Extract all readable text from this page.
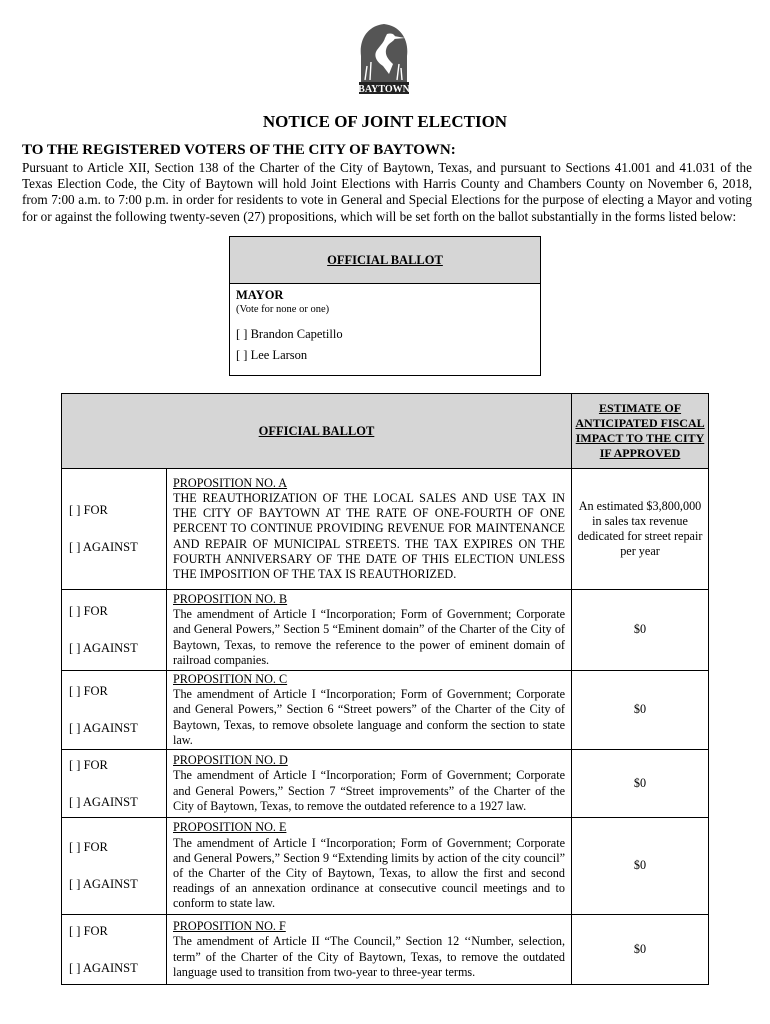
BAYTOWN
NOTICE OF JOINT ELECTION
TO THE REGISTERED VOTERS OF THE CITY OF BAYTOWN:
Pursuant to Article XII, Section 138 of the Charter of the City of Baytown, Texas, and pursuant to Sections 41.001 and 41.031 of the Texas Election Code, the City of Baytown will hold Joint Elections with Harris County and Chambers County on November 6, 2018, from 7:00 a.m. to 7:00 p.m. in order for residents to vote in General and Special Elections for the purpose of electing a Mayor and voting for or against the following twenty-seven (27) propositions, which will be set forth on the ballot substantially in the forms listed below:
OFFICIAL BALLOT
MAYOR
(Vote for none or one)
[ ] Brandon Capetillo
[ ] Lee Larson
OFFICIAL BALLOT		ESTIMATE OF ANTICIPATED FISCAL IMPACT TO THE CITY IF APPROVED

[ ] FOR
[ ] AGAINST	PROPOSITION NO. A
THE REAUTHORIZATION OF THE LOCAL SALES AND USE TAX IN THE CITY OF BAYTOWN AT THE RATE OF ONE-FOURTH OF ONE PERCENT TO CONTINUE PROVIDING REVENUE FOR MAINTENANCE AND REPAIR OF MUNICIPAL STREETS. THE TAX EXPIRES ON THE FOURTH ANNIVERSARY OF THE DATE OF THIS ELECTION UNLESS THE IMPOSITION OF THE TAX IS REAUTHORIZED.	An estimated $3,800,000 in sales tax revenue dedicated for street repair per year

[ ] FOR
[ ] AGAINST	PROPOSITION NO. B
The amendment of Article I “Incorporation; Form of Government; Corporate and General Powers,” Section 5 “Eminent domain” of the Charter of the City of Baytown, Texas, to remove the reference to the power of eminent domain of railroad companies.	$0

[ ] FOR
[ ] AGAINST	PROPOSITION NO. C
The amendment of Article I “Incorporation; Form of Government; Corporate and General Powers,” Section 6 “Street powers” of the Charter of the City of Baytown, Texas, to remove obsolete language and conform the section to state law.	$0

[ ] FOR
[ ] AGAINST	PROPOSITION NO. D
The amendment of Article I “Incorporation; Form of Government; Corporate and General Powers,” Section 7 “Street improvements” of the Charter of the City of Baytown, Texas, to remove the outdated reference to a 1927 law.	$0

[ ] FOR
[ ] AGAINST	PROPOSITION NO. E
The amendment of Article I “Incorporation; Form of Government; Corporate and General Powers,” Section 9 “Extending limits by action of the city council” of the Charter of the City of Baytown, Texas, to allow the first and second readings of an annexation ordinance at consecutive council meetings and to conform to state law.	$0

[ ] FOR
[ ] AGAINST	PROPOSITION NO. F
The amendment of Article II “The Council,” Section 12 ‘‘Number, selection, term” of the Charter of the City of Baytown, Texas, to remove the outdated language used to transition from two-year to three-year terms.	$0
